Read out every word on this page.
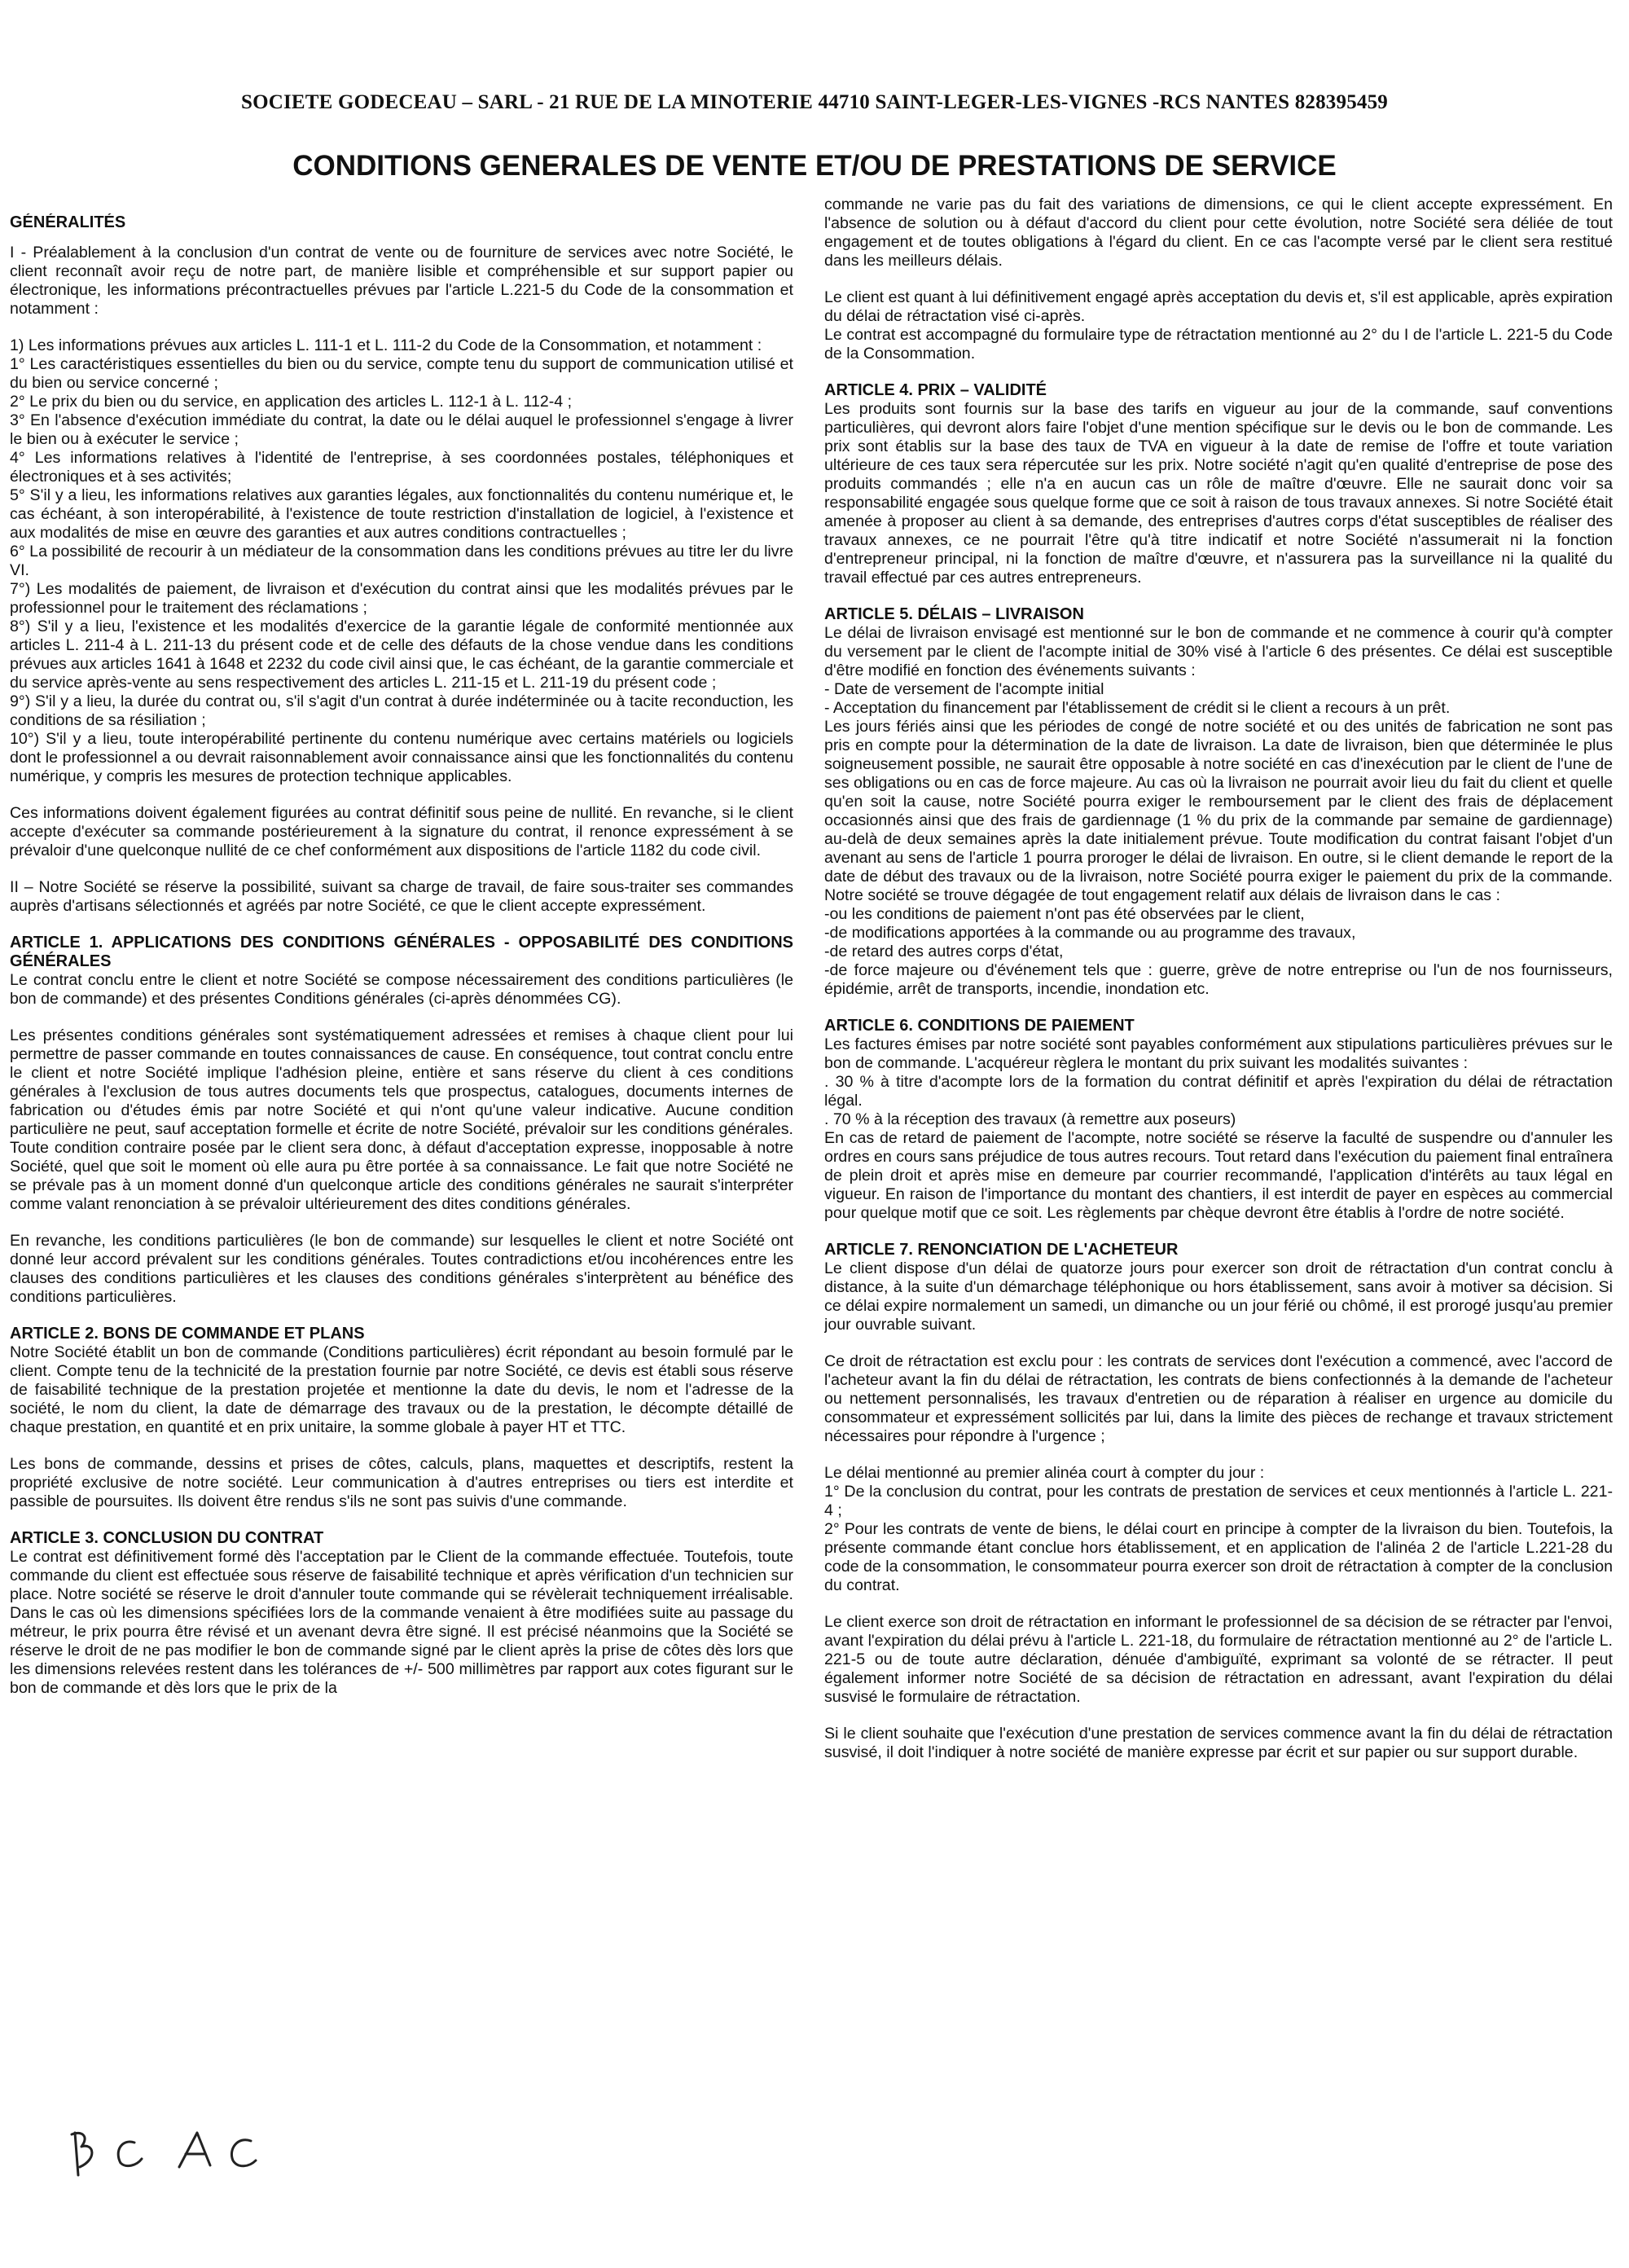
SOCIETE GODECEAU – SARL - 21 RUE DE LA MINOTERIE 44710 SAINT-LEGER-LES-VIGNES -RCS NANTES 828395459
CONDITIONS GENERALES DE VENTE ET/OU DE PRESTATIONS DE SERVICE
GÉNÉRALITÉS

I - Préalablement à la conclusion d'un contrat de vente ou de fourniture de services avec notre Société, le client reconnaît avoir reçu de notre part, de manière lisible et compréhensible et sur support papier ou électronique, les informations précontractuelles prévues par l'article L.221-5 du Code de la consommation et notamment :

1) Les informations prévues aux articles L. 111-1 et L. 111-2 du Code de la Consommation, et notamment :

1° Les caractéristiques essentielles du bien ou du service, compte tenu du support de communication utilisé et du bien ou service concerné ;

2° Le prix du bien ou du service, en application des articles L. 112-1 à L. 112-4 ;

3° En l'absence d'exécution immédiate du contrat, la date ou le délai auquel le professionnel s'engage à livrer le bien ou à exécuter le service ;

4° Les informations relatives à l'identité de l'entreprise, à ses coordonnées postales, téléphoniques et électroniques et à ses activités;

5° S'il y a lieu, les informations relatives aux garanties légales, aux fonctionnalités du contenu numérique et, le cas échéant, à son interopérabilité, à l'existence de toute restriction d'installation de logiciel, à l'existence et aux modalités de mise en œuvre des garanties et aux autres conditions contractuelles ;

6° La possibilité de recourir à un médiateur de la consommation dans les conditions prévues au titre ler du livre VI.

7°) Les modalités de paiement, de livraison et d'exécution du contrat ainsi que les modalités prévues par le professionnel pour le traitement des réclamations ;

8°) S'il y a lieu, l'existence et les modalités d'exercice de la garantie légale de conformité mentionnée aux articles L. 211-4 à L. 211-13 du présent code et de celle des défauts de la chose vendue dans les conditions prévues aux articles 1641 à 1648 et 2232 du code civil ainsi que, le cas échéant, de la garantie commerciale et du service après-vente au sens respectivement des articles L. 211-15 et L. 211-19 du présent code ;

9°) S'il y a lieu, la durée du contrat ou, s'il s'agit d'un contrat à durée indéterminée ou à tacite reconduction, les conditions de sa résiliation ;

10°) S'il y a lieu, toute interopérabilité pertinente du contenu numérique avec certains matériels ou logiciels dont le professionnel a ou devrait raisonnablement avoir connaissance ainsi que les fonctionnalités du contenu numérique, y compris les mesures de protection technique applicables.

Ces informations doivent également figurées au contrat définitif sous peine de nullité. En revanche, si le client accepte d'exécuter sa commande postérieurement à la signature du contrat, il renonce expressément à se prévaloir d'une quelconque nullité de ce chef conformément aux dispositions de l'article 1182 du code civil.

II – Notre Société se réserve la possibilité, suivant sa charge de travail, de faire sous-traiter ses commandes auprès d'artisans sélectionnés et agréés par notre Société, ce que le client accepte expressément.

ARTICLE 1. APPLICATIONS DES CONDITIONS GÉNÉRALES - OPPOSABILITÉ DES CONDITIONS GÉNÉRALES

Le contrat conclu entre le client et notre Société se compose nécessairement des conditions particulières (le bon de commande) et des présentes Conditions générales (ci-après dénommées CG).

Les présentes conditions générales sont systématiquement adressées et remises à chaque client pour lui permettre de passer commande en toutes connaissances de cause. En conséquence, tout contrat conclu entre le client et notre Société implique l'adhésion pleine, entière et sans réserve du client à ces conditions générales à l'exclusion de tous autres documents tels que prospectus, catalogues, documents internes de fabrication ou d'études émis par notre Société et qui n'ont qu'une valeur indicative. Aucune condition particulière ne peut, sauf acceptation formelle et écrite de notre Société, prévaloir sur les conditions générales. Toute condition contraire posée par le client sera donc, à défaut d'acceptation expresse, inopposable à notre Société, quel que soit le moment où elle aura pu être portée à sa connaissance. Le fait que notre Société ne se prévale pas à un moment donné d'un quelconque article des conditions générales ne saurait s'interpréter comme valant renonciation à se prévaloir ultérieurement des dites conditions générales.

En revanche, les conditions particulières (le bon de commande) sur lesquelles le client et notre Société ont donné leur accord prévalent sur les conditions générales. Toutes contradictions et/ou incohérences entre les clauses des conditions particulières et les clauses des conditions générales s'interprètent au bénéfice des conditions particulières.

ARTICLE 2. BONS DE COMMANDE ET PLANS

Notre Société établit un bon de commande (Conditions particulières) écrit répondant au besoin formulé par le client. Compte tenu de la technicité de la prestation fournie par notre Société, ce devis est établi sous réserve de faisabilité technique de la prestation projetée et mentionne la date du devis, le nom et l'adresse de la société, le nom du client, la date de démarrage des travaux ou de la prestation, le décompte détaillé de chaque prestation, en quantité et en prix unitaire, la somme globale à payer HT et TTC.

Les bons de commande, dessins et prises de côtes, calculs, plans, maquettes et descriptifs, restent la propriété exclusive de notre société. Leur communication à d'autres entreprises ou tiers est interdite et passible de poursuites. Ils doivent être rendus s'ils ne sont pas suivis d'une commande.

ARTICLE 3. CONCLUSION DU CONTRAT

Le contrat est définitivement formé dès l'acceptation par le Client de la commande effectuée. Toutefois, toute commande du client est effectuée sous réserve de faisabilité technique et après vérification d'un technicien sur place. Notre société se réserve le droit d'annuler toute commande qui se révèlerait techniquement irréalisable. Dans le cas où les dimensions spécifiées lors de la commande venaient à être modifiées suite au passage du métreur, le prix pourra être révisé et un avenant devra être signé. Il est précisé néanmoins que la Société se réserve le droit de ne pas modifier le bon de commande signé par le client après la prise de côtes dès lors que les dimensions relevées restent dans les tolérances de +/- 500 millimètres par rapport aux cotes figurant sur le bon de commande et dès lors que le prix de la

commande ne varie pas du fait des variations de dimensions, ce qui le client accepte expressément. En l'absence de solution ou à défaut d'accord du client pour cette évolution, notre Société sera déliée de tout engagement et de toutes obligations à l'égard du client. En ce cas l'acompte versé par le client sera restitué dans les meilleurs délais.

Le client est quant à lui définitivement engagé après acceptation du devis et, s'il est applicable, après expiration du délai de rétractation visé ci-après.

Le contrat est accompagné du formulaire type de rétractation mentionné au 2° du I de l'article L. 221-5 du Code de la Consommation.

ARTICLE 4. PRIX – VALIDITÉ

Les produits sont fournis sur la base des tarifs en vigueur au jour de la commande, sauf conventions particulières, qui devront alors faire l'objet d'une mention spécifique sur le devis ou le bon de commande. Les prix sont établis sur la base des taux de TVA en vigueur à la date de remise de l'offre et toute variation ultérieure de ces taux sera répercutée sur les prix. Notre société n'agit qu'en qualité d'entreprise de pose des produits commandés ; elle n'a en aucun cas un rôle de maître d'œuvre. Elle ne saurait donc voir sa responsabilité engagée sous quelque forme que ce soit à raison de tous travaux annexes. Si notre Société était amenée à proposer au client à sa demande, des entreprises d'autres corps d'état susceptibles de réaliser des travaux annexes, ce ne pourrait l'être qu'à titre indicatif et notre Société n'assumerait ni la fonction d'entrepreneur principal, ni la fonction de maître d'œuvre, et n'assurera pas la surveillance ni la qualité du travail effectué par ces autres entrepreneurs.

ARTICLE 5. DÉLAIS – LIVRAISON

Le délai de livraison envisagé est mentionné sur le bon de commande et ne commence à courir qu'à compter du versement par le client de l'acompte initial de 30% visé à l'article 6 des présentes. Ce délai est susceptible d'être modifié en fonction des événements suivants :

- Date de versement de l'acompte initial

- Acceptation du financement par l'établissement de crédit si le client a recours à un prêt.

Les jours fériés ainsi que les périodes de congé de notre société et ou des unités de fabrication ne sont pas pris en compte pour la détermination de la date de livraison. La date de livraison, bien que déterminée le plus soigneusement possible, ne saurait être opposable à notre société en cas d'inexécution par le client de l'une de ses obligations ou en cas de force majeure. Au cas où la livraison ne pourrait avoir lieu du fait du client et quelle qu'en soit la cause, notre Société pourra exiger le remboursement par le client des frais de déplacement occasionnés ainsi que des frais de gardiennage (1 % du prix de la commande par semaine de gardiennage) au-delà de deux semaines après la date initialement prévue. Toute modification du contrat faisant l'objet d'un avenant au sens de l'article 1 pourra proroger le délai de livraison. En outre, si le client demande le report de la date de début des travaux ou de la livraison, notre Société pourra exiger le paiement du prix de la commande. Notre société se trouve dégagée de tout engagement relatif aux délais de livraison dans le cas :

-ou les conditions de paiement n'ont pas été observées par le client,

-de modifications apportées à la commande ou au programme des travaux,

-de retard des autres corps d'état,

-de force majeure ou d'événement tels que : guerre, grève de notre entreprise ou l'un de nos fournisseurs, épidémie, arrêt de transports, incendie, inondation etc.

ARTICLE 6. CONDITIONS DE PAIEMENT

Les factures émises par notre société sont payables conformément aux stipulations particulières prévues sur le bon de commande. L'acquéreur règlera le montant du prix suivant les modalités suivantes :

. 30 % à titre d'acompte lors de la formation du contrat définitif et après l'expiration du délai de rétractation légal.

. 70 % à la réception des travaux (à remettre aux poseurs)

En cas de retard de paiement de l'acompte, notre société se réserve la faculté de suspendre ou d'annuler les ordres en cours sans préjudice de tous autres recours. Tout retard dans l'exécution du paiement final entraînera de plein droit et après mise en demeure par courrier recommandé, l'application d'intérêts au taux légal en vigueur. En raison de l'importance du montant des chantiers, il est interdit de payer en espèces au commercial pour quelque motif que ce soit. Les règlements par chèque devront être établis à l'ordre de notre société.

ARTICLE 7. RENONCIATION DE L'ACHETEUR

Le client dispose d'un délai de quatorze jours pour exercer son droit de rétractation d'un contrat conclu à distance, à la suite d'un démarchage téléphonique ou hors établissement, sans avoir à motiver sa décision. Si ce délai expire normalement un samedi, un dimanche ou un jour férié ou chômé, il est prorogé jusqu'au premier jour ouvrable suivant.

Ce droit de rétractation est exclu pour : les contrats de services dont l'exécution a commencé, avec l'accord de l'acheteur avant la fin du délai de rétractation, les contrats de biens confectionnés à la demande de l'acheteur ou nettement personnalisés, les travaux d'entretien ou de réparation à réaliser en urgence au domicile du consommateur et expressément sollicités par lui, dans la limite des pièces de rechange et travaux strictement nécessaires pour répondre à l'urgence ;

Le délai mentionné au premier alinéa court à compter du jour :

1° De la conclusion du contrat, pour les contrats de prestation de services et ceux mentionnés à l'article L. 221-4 ;

2° Pour les contrats de vente de biens, le délai court en principe à compter de la livraison du bien. Toutefois, la présente commande étant conclue hors établissement, et en application de l'alinéa 2 de l'article L.221-28 du code de la consommation, le consommateur pourra exercer son droit de rétractation à compter de la conclusion du contrat.

Le client exerce son droit de rétractation en informant le professionnel de sa décision de se rétracter par l'envoi, avant l'expiration du délai prévu à l'article L. 221-18, du formulaire de rétractation mentionné au 2° de l'article L. 221-5 ou de toute autre déclaration, dénuée d'ambiguïté, exprimant sa volonté de se rétracter. Il peut également informer notre Société de sa décision de rétractation en adressant, avant l'expiration du délai susvisé le formulaire de rétractation.

Si le client souhaite que l'exécution d'une prestation de services commence avant la fin du délai de rétractation susvisé, il doit l'indiquer à notre société de manière expresse par écrit et sur papier ou sur support durable.
